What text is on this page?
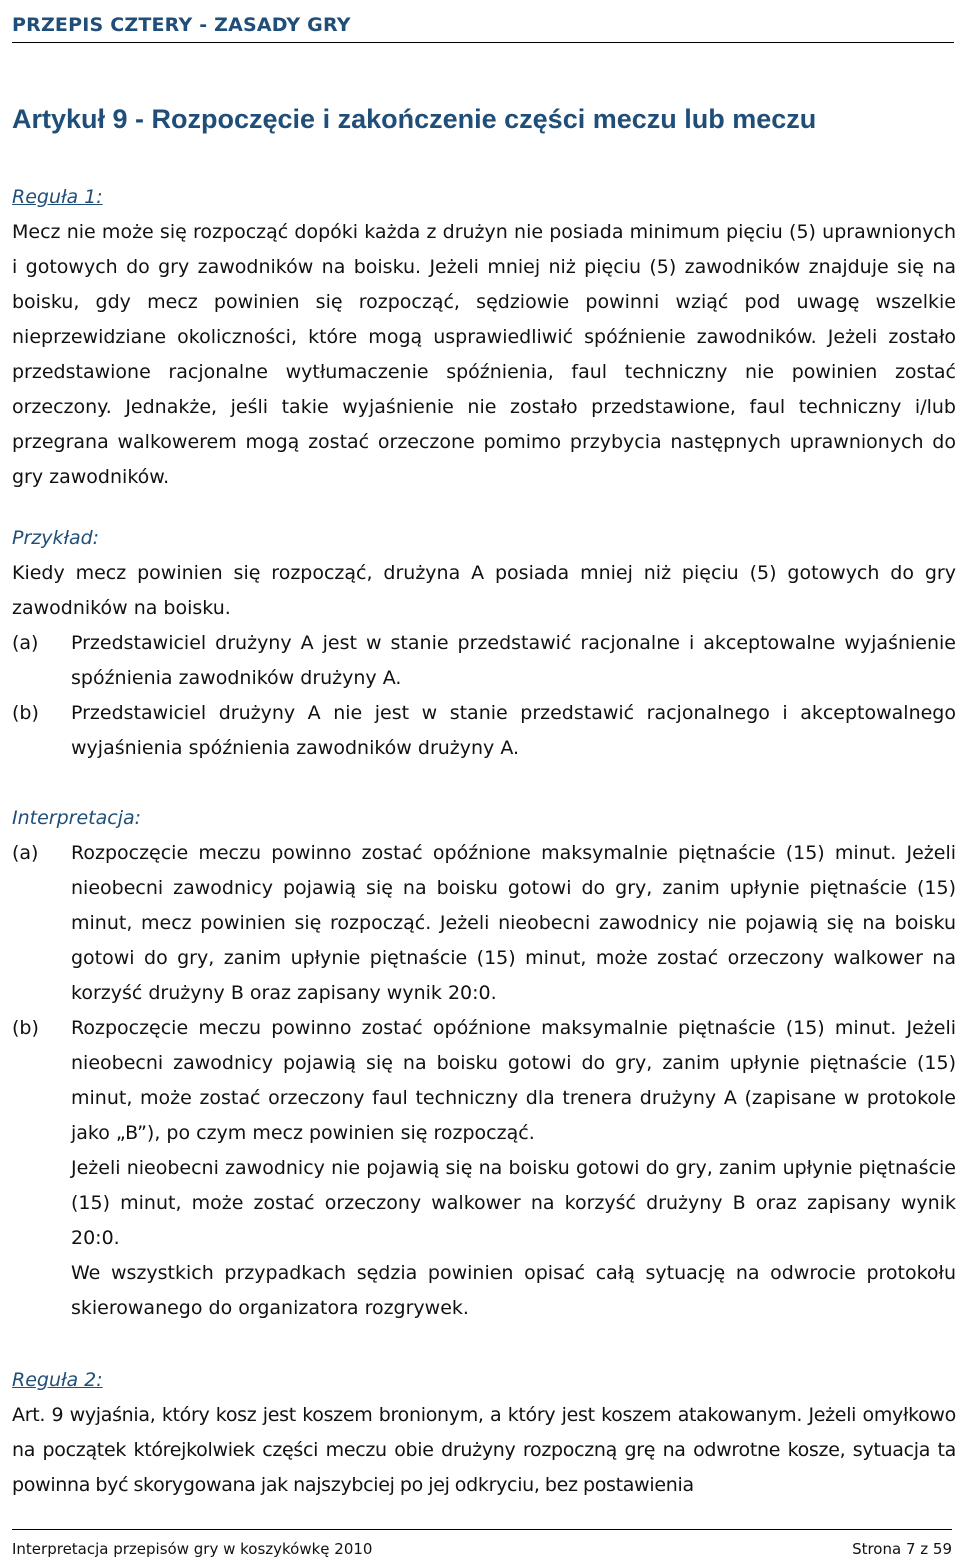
PRZEPIS CZTERY - ZASADY GRY
Artykuł 9 - Rozpoczęcie i zakończenie części meczu lub meczu

Reguła 1:

Mecz nie może się rozpocząć dopóki każda z drużyn nie posiada minimum pięciu (5) uprawnionych i gotowych do gry zawodników na boisku. Jeżeli mniej niż pięciu (5) zawodników znajduje się na boisku, gdy mecz powinien się rozpocząć, sędziowie powinni wziąć pod uwagę wszelkie nieprzewidziane okoliczności, które mogą usprawiedliwić spóźnienie zawodników. Jeżeli zostało przedstawione racjonalne wytłumaczenie spóźnienia, faul techniczny nie powinien zostać orzeczony. Jednakże, jeśli takie wyjaśnienie nie zostało przedstawione, faul techniczny i/lub przegrana walkowerem mogą zostać orzeczone pomimo przybycia następnych uprawnionych do gry zawodników.

Przykład:

Kiedy mecz powinien się rozpocząć, drużyna A posiada mniej niż pięciu (5) gotowych do gry zawodników na boisku.

(a) Przedstawiciel drużyny A jest w stanie przedstawić racjonalne i akceptowalne wyjaśnienie spóźnienia zawodników drużyny A.

(b) Przedstawiciel drużyny A nie jest w stanie przedstawić racjonalnego i akceptowalnego wyjaśnienia spóźnienia zawodników drużyny A.

Interpretacja:

(a) Rozpoczęcie meczu powinno zostać opóźnione maksymalnie piętnaście (15) minut. Jeżeli nieobecni zawodnicy pojawią się na boisku gotowi do gry, zanim upłynie piętnaście (15) minut, mecz powinien się rozpocząć. Jeżeli nieobecni zawodnicy nie pojawią się na boisku gotowi do gry, zanim upłynie piętnaście (15) minut, może zostać orzeczony walkower na korzyść drużyny B oraz zapisany wynik 20:0.

(b) Rozpoczęcie meczu powinno zostać opóźnione maksymalnie piętnaście (15) minut. Jeżeli nieobecni zawodnicy pojawią się na boisku gotowi do gry, zanim upłynie piętnaście (15) minut, może zostać orzeczony faul techniczny dla trenera drużyny A (zapisane w protokole jako „B”), po czym mecz powinien się rozpocząć.

Jeżeli nieobecni zawodnicy nie pojawią się na boisku gotowi do gry, zanim upłynie piętnaście (15) minut, może zostać orzeczony walkower na korzyść drużyny B oraz zapisany wynik 20:0.

We wszystkich przypadkach sędzia powinien opisać całą sytuację na odwrocie protokołu skierowanego do organizatora rozgrywek.

Reguła 2:

Art. 9 wyjaśnia, który kosz jest koszem bronionym, a który jest koszem atakowanym. Jeżeli omyłkowo na początek którejkolwiek części meczu obie drużyny rozpoczną grę na odwrotne kosze, sytuacja ta powinna być skorygowana jak najszybciej po jej odkryciu, bez postawienia

Interpretacja przepisów gry w koszykówkę 2010	Strona 7 z 59
